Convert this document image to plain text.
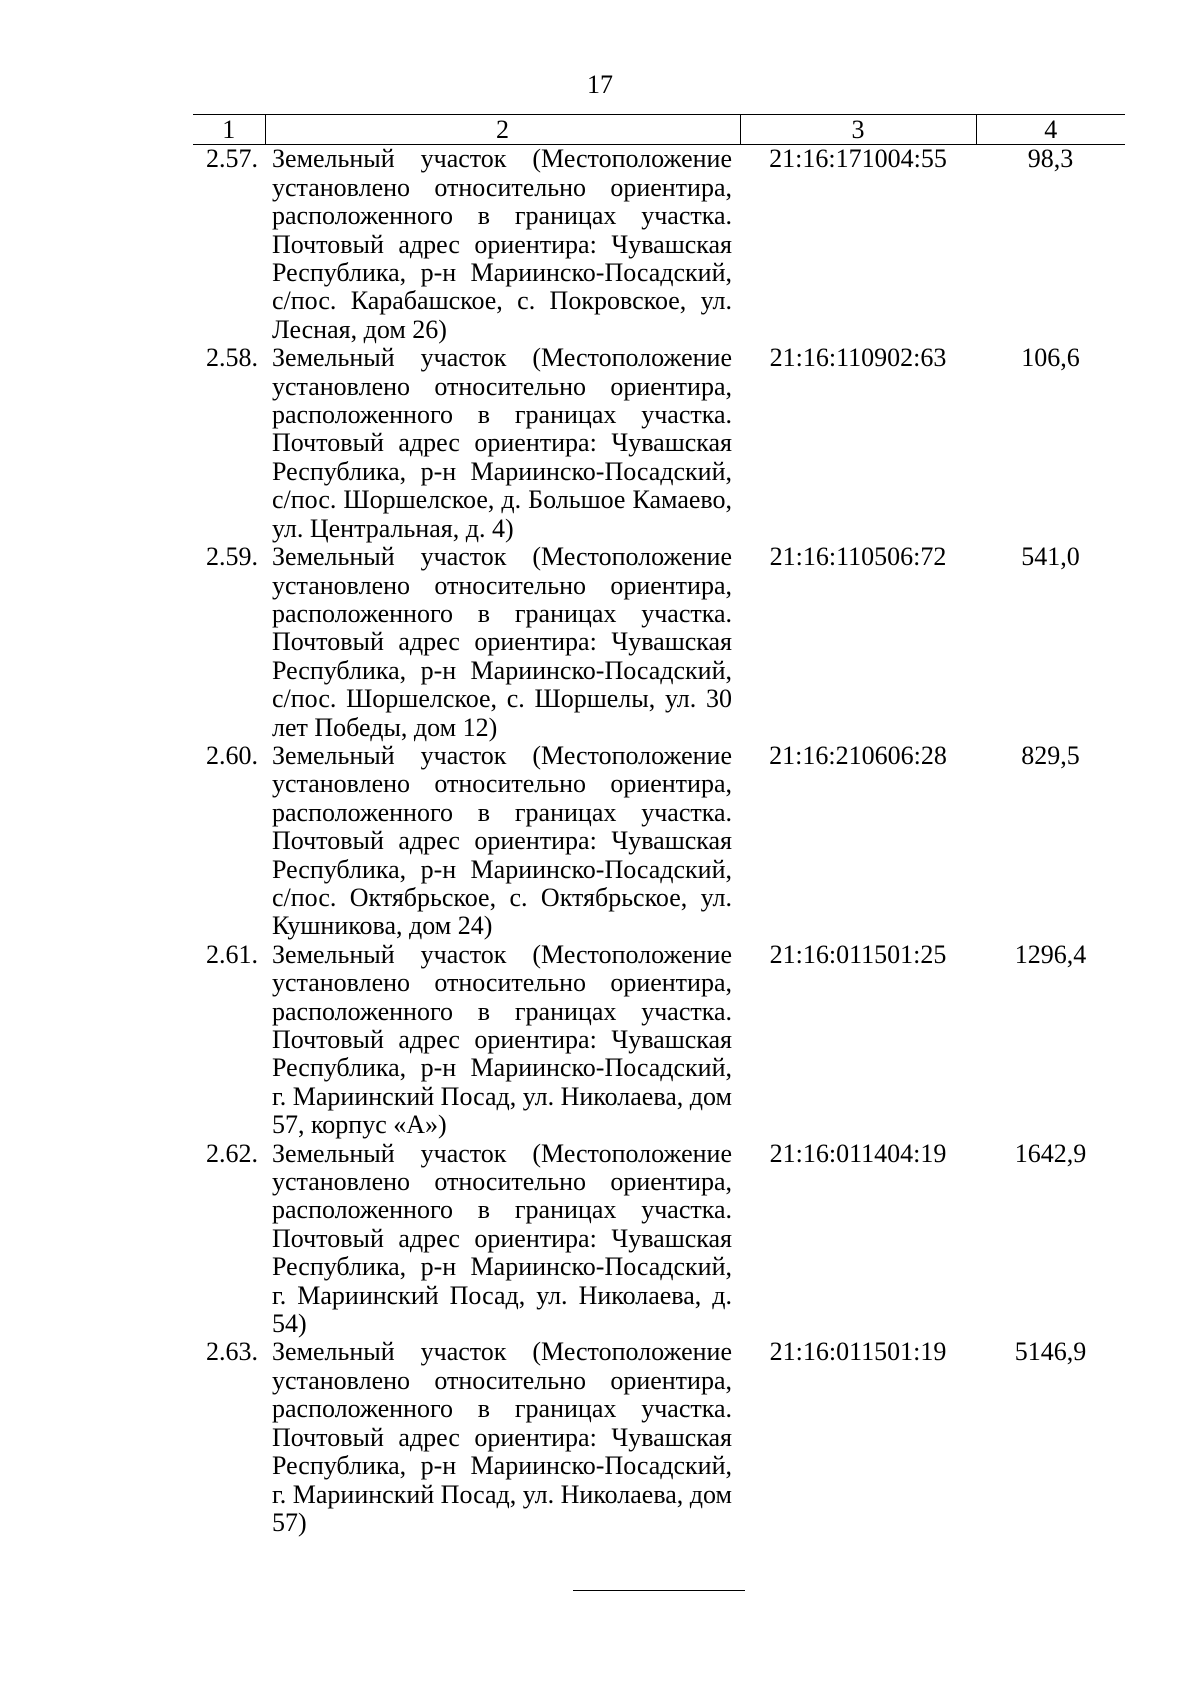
17
1	2	3	4
2.57.	Земельный участок (Местоположение установлено относительно ориентира, расположенного в границах участка. Почтовый адрес ориентира: Чувашская Республика, р-н Мариинско-Посадский, с/пос. Карабашское, с. Покровское, ул. Лесная, дом 26)	21:16:171004:55	98,3
2.58.	Земельный участок (Местоположение установлено относительно ориентира, расположенного в границах участка. Почтовый адрес ориентира: Чувашская Республика, р-н Мариинско-Посадский, с/пос. Шоршелское, д. Большое Камаево, ул. Центральная, д. 4)	21:16:110902:63	106,6
2.59.	Земельный участок (Местоположение установлено относительно ориентира, расположенного в границах участка. Почтовый адрес ориентира: Чувашская Республика, р-н Мариинско-Посадский, с/пос. Шоршелское, с. Шоршелы, ул. 30 лет Победы, дом 12)	21:16:110506:72	541,0
2.60.	Земельный участок (Местоположение установлено относительно ориентира, расположенного в границах участка. Почтовый адрес ориентира: Чувашская Республика, р-н Мариинско-Посадский, с/пос. Октябрьское, с. Октябрьское, ул. Кушникова, дом 24)	21:16:210606:28	829,5
2.61.	Земельный участок (Местоположение установлено относительно ориентира, расположенного в границах участка. Почтовый адрес ориентира: Чувашская Республика, р-н Мариинско-Посадский, г. Мариинский Посад, ул. Николаева, дом 57, корпус «А»)	21:16:011501:25	1296,4
2.62.	Земельный участок (Местоположение установлено относительно ориентира, расположенного в границах участка. Почтовый адрес ориентира: Чувашская Республика, р-н Мариинско-Посадский, г. Мариинский Посад, ул. Николаева, д. 54)	21:16:011404:19	1642,9
2.63.	Земельный участок (Местоположение установлено относительно ориентира, расположенного в границах участка. Почтовый адрес ориентира: Чувашская Республика, р-н Мариинско-Посадский, г. Мариинский Посад, ул. Николаева, дом 57)	21:16:011501:19	5146,9
